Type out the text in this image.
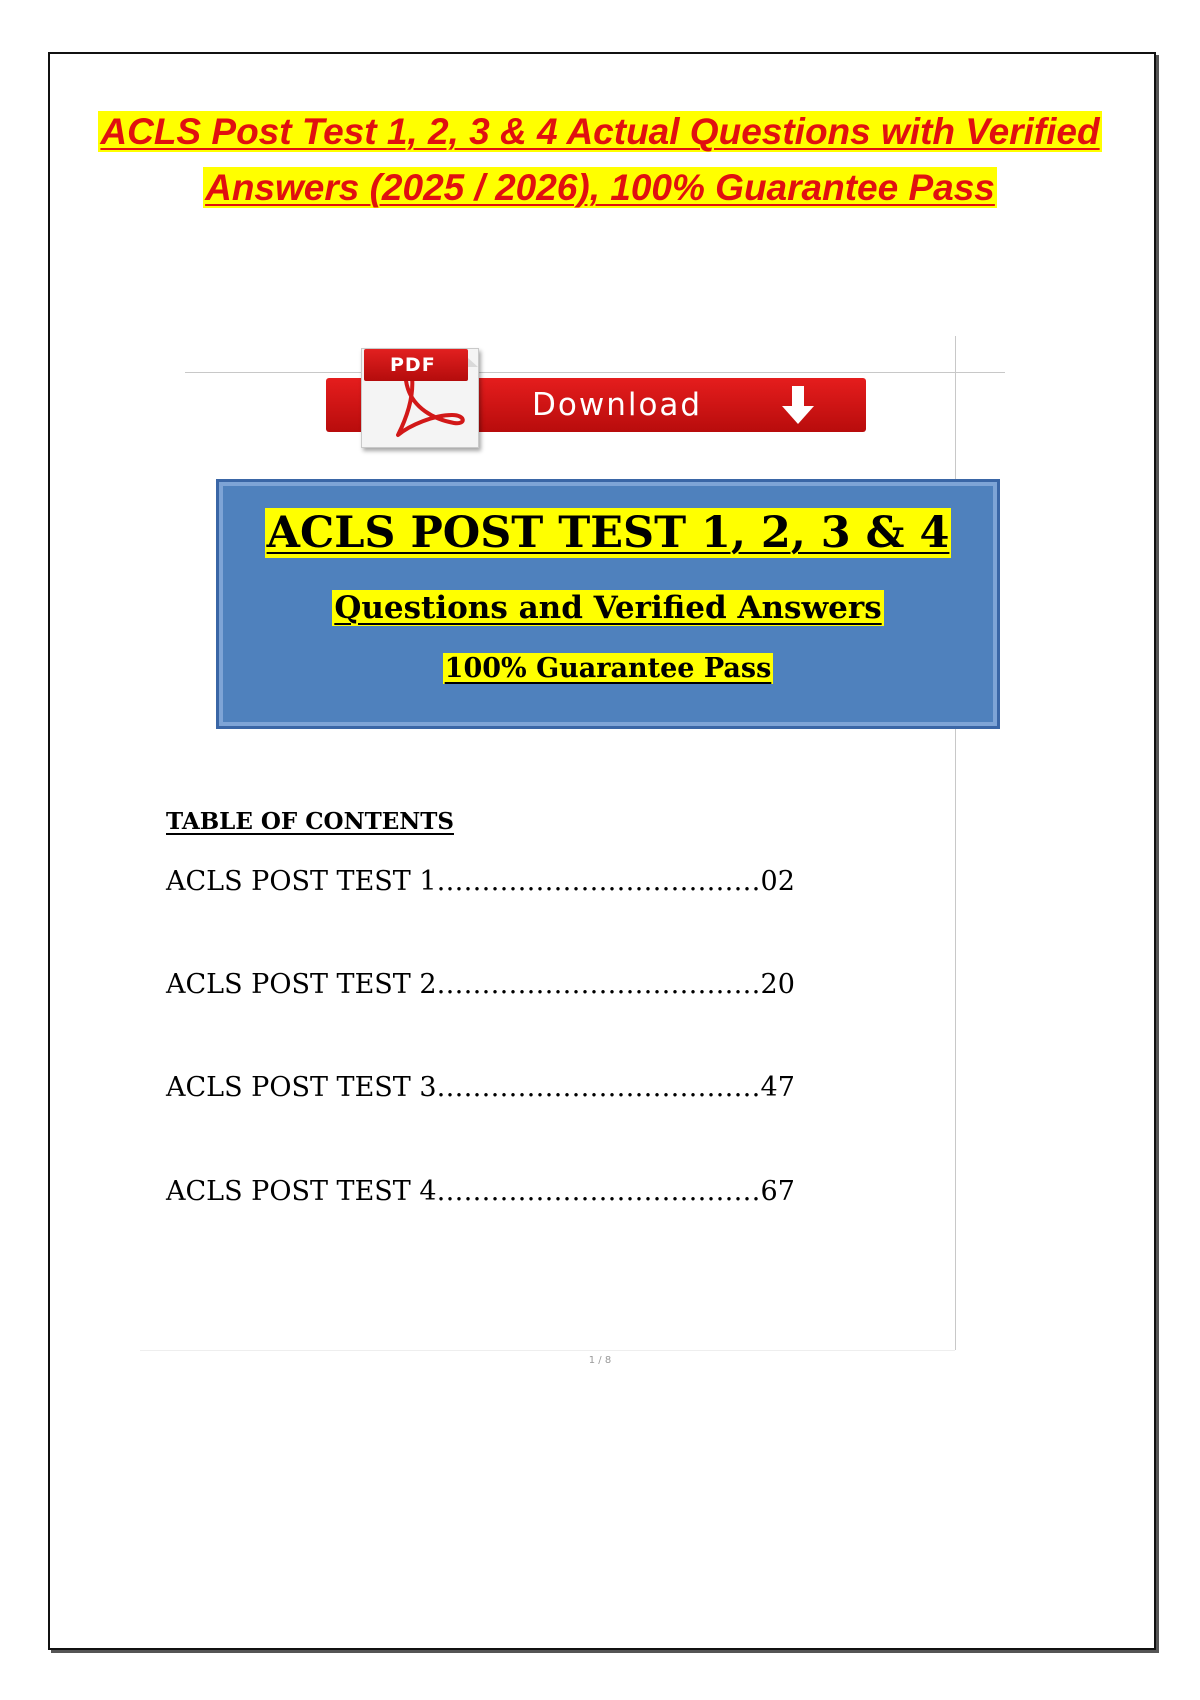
ACLS Post Test 1, 2, 3 & 4 Actual Questions with Verified
Answers (2025 / 2026), 100% Guarantee Pass
PDF
Download

ACLS POST TEST 1, 2, 3 & 4

Questions and Verified Answers

100% Guarantee Pass

TABLE OF CONTENTS
ACLS POST TEST 1………………………………02
ACLS POST TEST 2………………………………20
ACLS POST TEST 3………………………………47
ACLS POST TEST 4………………………………67
1 / 8
